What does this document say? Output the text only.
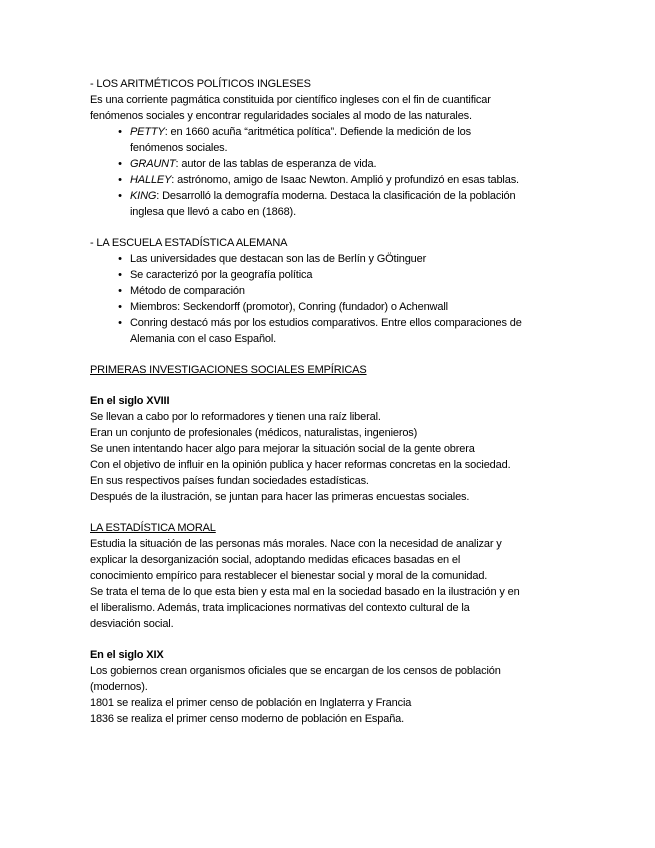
- LOS ARITMÉTICOS POLÍTICOS INGLESES
Es una corriente pagmática constituida por científico ingleses con el fin de cuantificar
fenómenos sociales y encontrar regularidades sociales al modo de las naturales.
• PETTY: en 1660 acuña “aritmética política”. Defiende la medición de los
fenómenos sociales.
• GRAUNT: autor de las tablas de esperanza de vida.
• HALLEY: astrónomo, amigo de Isaac Newton. Amplió y profundizó en esas tablas.
• KING: Desarrolló la demografía moderna. Destaca la clasificación de la población
inglesa que llevó a cabo en (1868).
- LA ESCUELA ESTADÍSTICA ALEMANA
• Las universidades que destacan son las de Berlín y GÖtinguer
• Se caracterizó por la geografía política
• Método de comparación
• Miembros: Seckendorff (promotor), Conring (fundador) o Achenwall
• Conring destacó más por los estudios comparativos. Entre ellos comparaciones de
Alemania con el caso Español.
PRIMERAS INVESTIGACIONES SOCIALES EMPÍRICAS
En el siglo XVIII
Se llevan a cabo por lo reformadores y tienen una raíz liberal.
Eran un conjunto de profesionales (médicos, naturalistas, ingenieros)
Se unen intentando hacer algo para mejorar la situación social de la gente obrera
Con el objetivo de influir en la opinión publica y hacer reformas concretas en la sociedad.
En sus respectivos países fundan sociedades estadísticas.
Después de la ilustración, se juntan para hacer las primeras encuestas sociales.
LA ESTADÍSTICA MORAL
Estudia la situación de las personas más morales. Nace con la necesidad de analizar y
explicar la desorganización social, adoptando medidas eficaces basadas en el
conocimiento empírico para restablecer el bienestar social y moral de la comunidad.
Se trata el tema de lo que esta bien y esta mal en la sociedad basado en la ilustración y en
el liberalismo. Además, trata implicaciones normativas del contexto cultural de la
desviación social.
En el siglo XIX
Los gobiernos crean organismos oficiales que se encargan de los censos de población
(modernos).
1801 se realiza el primer censo de población en Inglaterra y Francia
1836 se realiza el primer censo moderno de población en España.
